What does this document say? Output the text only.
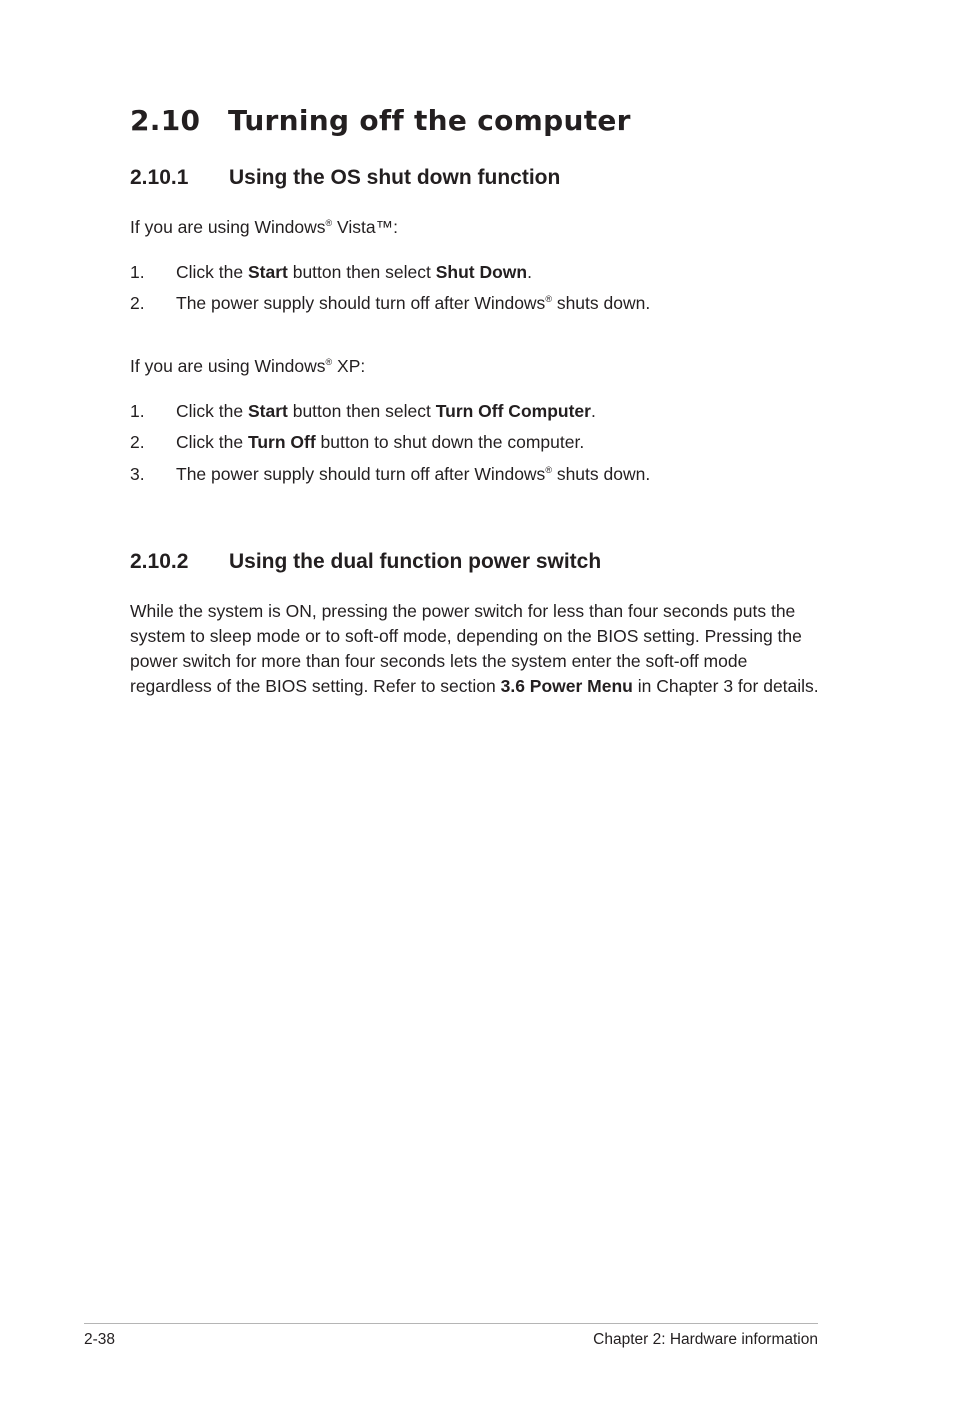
2.10 Turning off the computer
2.10.1 Using the OS shut down function

If you are using Windows® Vista™:

1. Click the Start button then select Shut Down.
2. The power supply should turn off after Windows® shuts down.

If you are using Windows® XP:

1. Click the Start button then select Turn Off Computer.
2. Click the Turn Off button to shut down the computer.
3. The power supply should turn off after Windows® shuts down.
2.10.2 Using the dual function power switch

While the system is ON, pressing the power switch for less than four seconds puts the system to sleep mode or to soft-off mode, depending on the BIOS setting. Pressing the power switch for more than four seconds lets the system enter the soft-off mode regardless of the BIOS setting. Refer to section 3.6 Power Menu in Chapter 3 for details.

2-38	Chapter 2: Hardware information
